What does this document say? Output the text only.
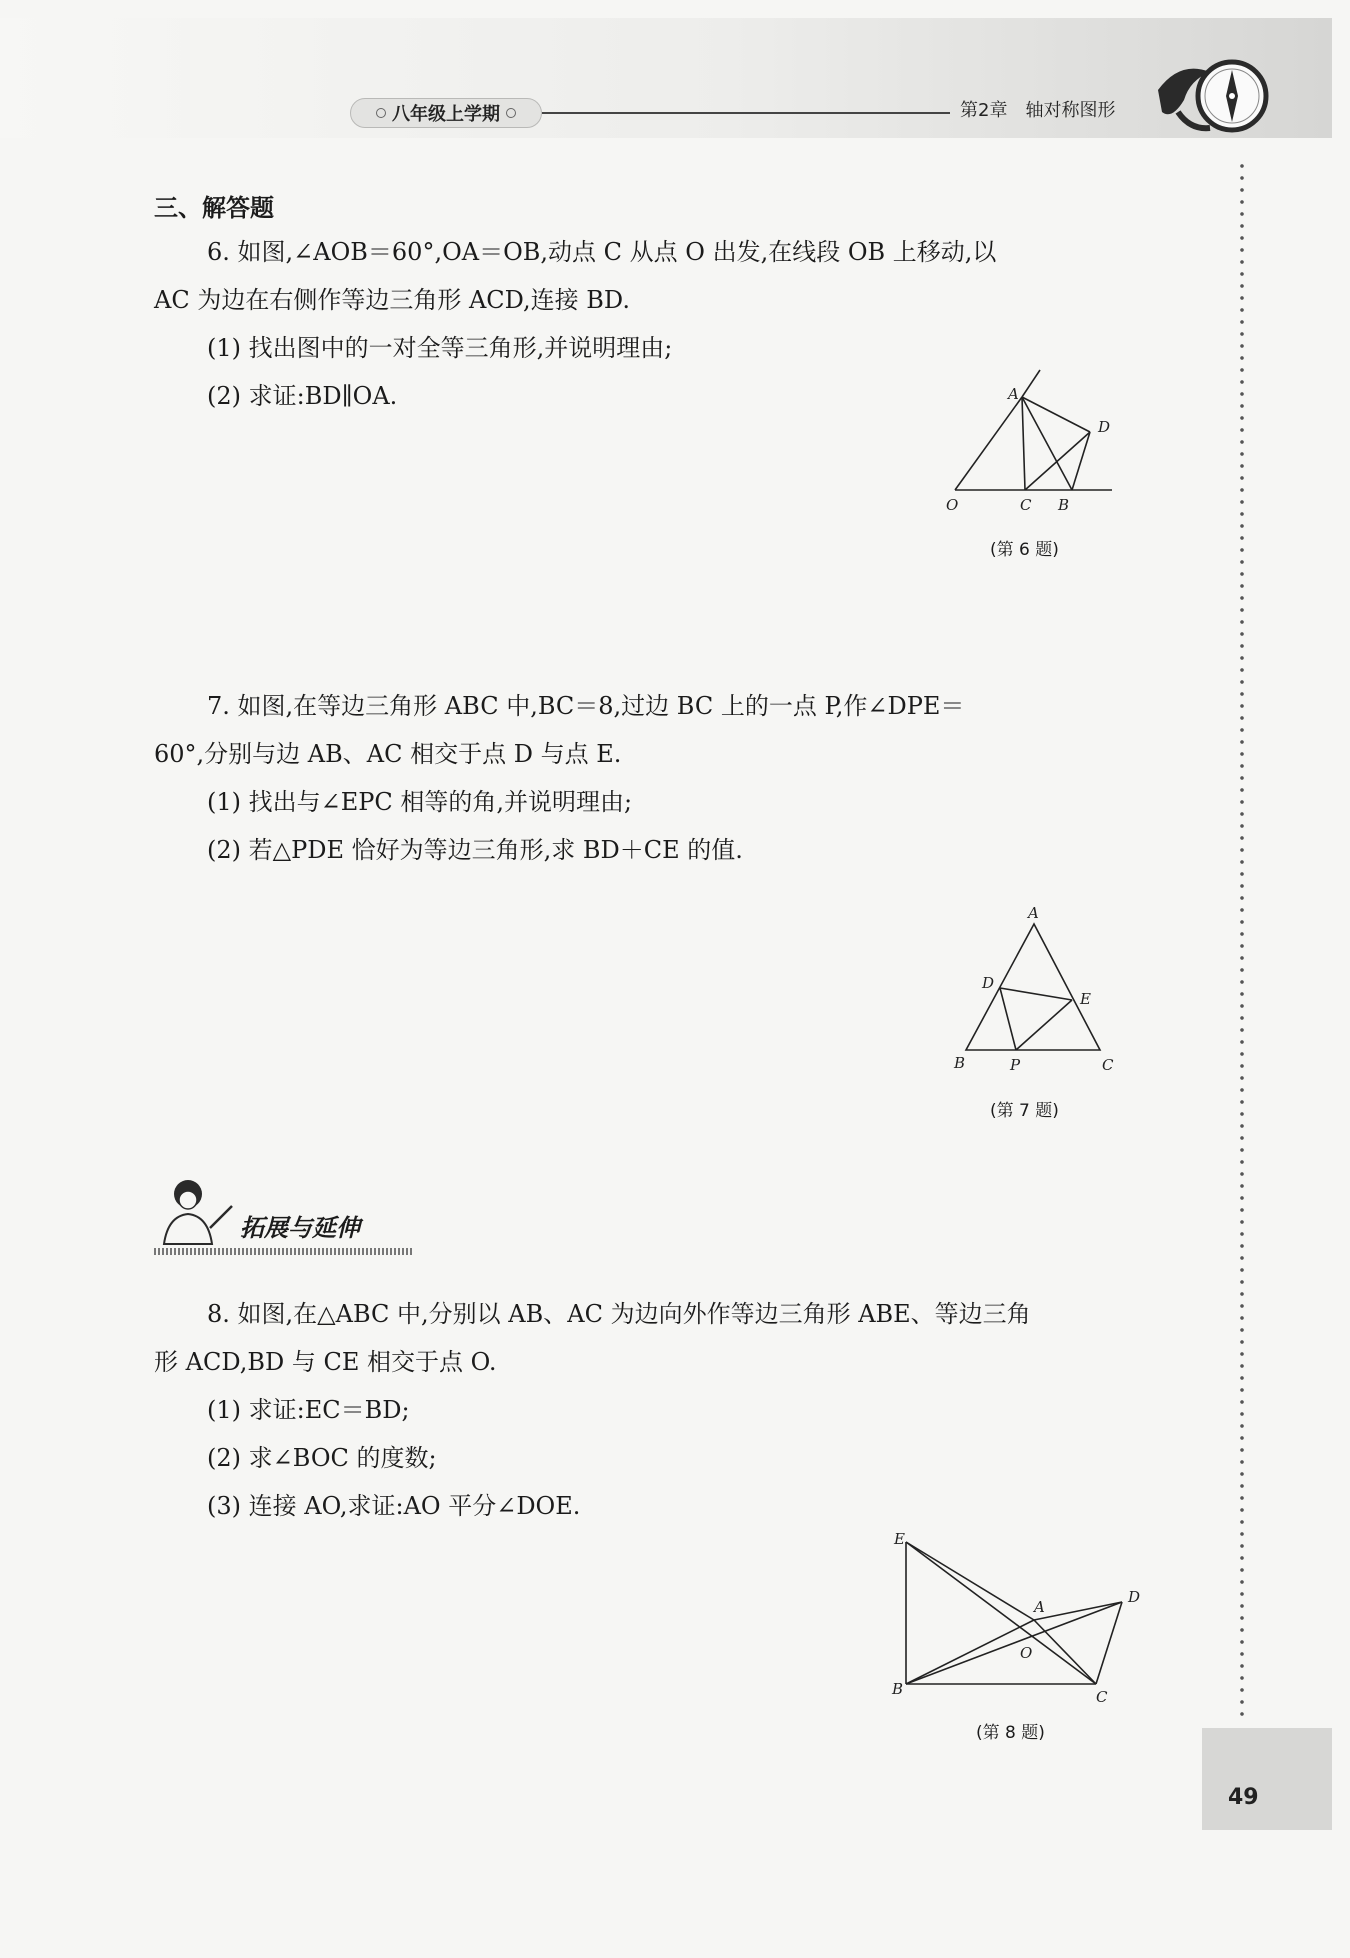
八年级上学期	第2章 轴对称图形
三、解答题
6. 如图,∠AOB＝60°,OA＝OB,动点 C 从点 O 出发,在线段 OB 上移动,以
AC 为边在右侧作等边三角形 ACD,连接 BD.
(1) 找出图中的一对全等三角形,并说明理由;
(2) 求证:BD∥OA.	A
D
O	C B
(第 6 题)
7. 如图,在等边三角形 ABC 中,BC＝8,过边 BC 上的一点 P,作∠DPE＝
60°,分别与边 AB、AC 相交于点 D 与点 E.
(1) 找出与∠EPC 相等的角,并说明理由;
(2) 若△PDE 恰好为等边三角形,求 BD＋CE 的值.
A
D
E
B	P	C
(第 7 题)
拓展与延伸
8. 如图,在△ABC 中,分别以 AB、AC 为边向外作等边三角形 ABE、等边三角
形 ACD,BD 与 CE 相交于点 O.
(1) 求证:EC＝BD;
(2) 求∠BOC 的度数;
(3) 连接 AO,求证:AO 平分∠DOE.
E
A
D
O
B	C
(第 8 题)
49
